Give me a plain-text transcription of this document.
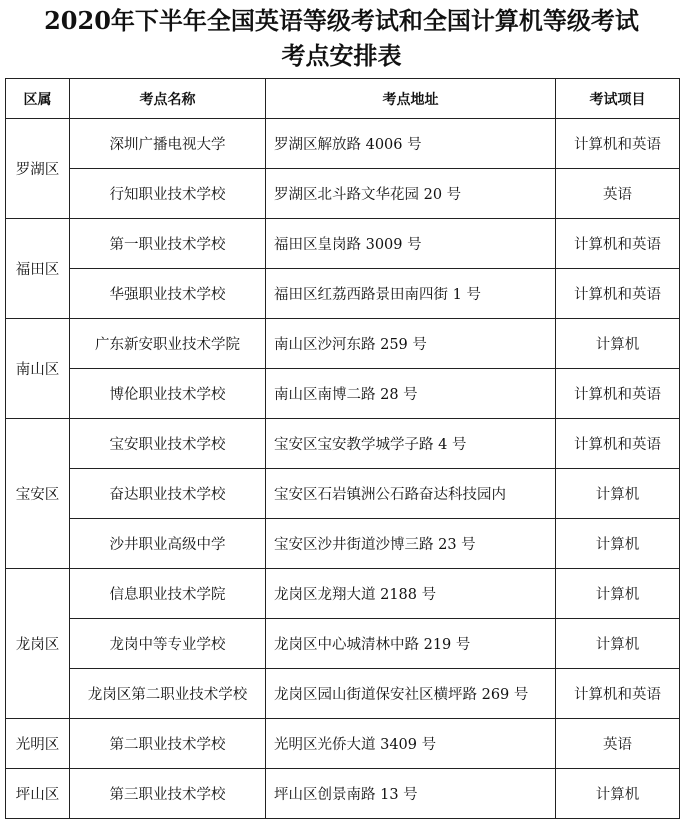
2020年下半年全国英语等级考试和全国计算机等级考试
考点安排表
区属	考点名称	考点地址	考试项目
罗湖区	深圳广播电视大学	罗湖区解放路 4006 号	计算机和英语
	行知职业技术学校	罗湖区北斗路文华花园 20 号	英语
福田区	第一职业技术学校	福田区皇岗路 3009 号	计算机和英语
	华强职业技术学校	福田区红荔西路景田南四街 1 号	计算机和英语
南山区	广东新安职业技术学院	南山区沙河东路 259 号	计算机
	博伦职业技术学校	南山区南博二路 28 号	计算机和英语
宝安区	宝安职业技术学校	宝安区宝安教学城学子路 4 号	计算机和英语
	奋达职业技术学校	宝安区石岩镇洲公石路奋达科技园内	计算机
	沙井职业高级中学	宝安区沙井街道沙博三路 23 号	计算机
龙岗区	信息职业技术学院	龙岗区龙翔大道 2188 号	计算机
	龙岗中等专业学校	龙岗区中心城清林中路 219 号	计算机
	龙岗区第二职业技术学校	龙岗区园山街道保安社区横坪路 269 号	计算机和英语
光明区	第二职业技术学校	光明区光侨大道 3409 号	英语
坪山区	第三职业技术学校	坪山区创景南路 13 号	计算机
